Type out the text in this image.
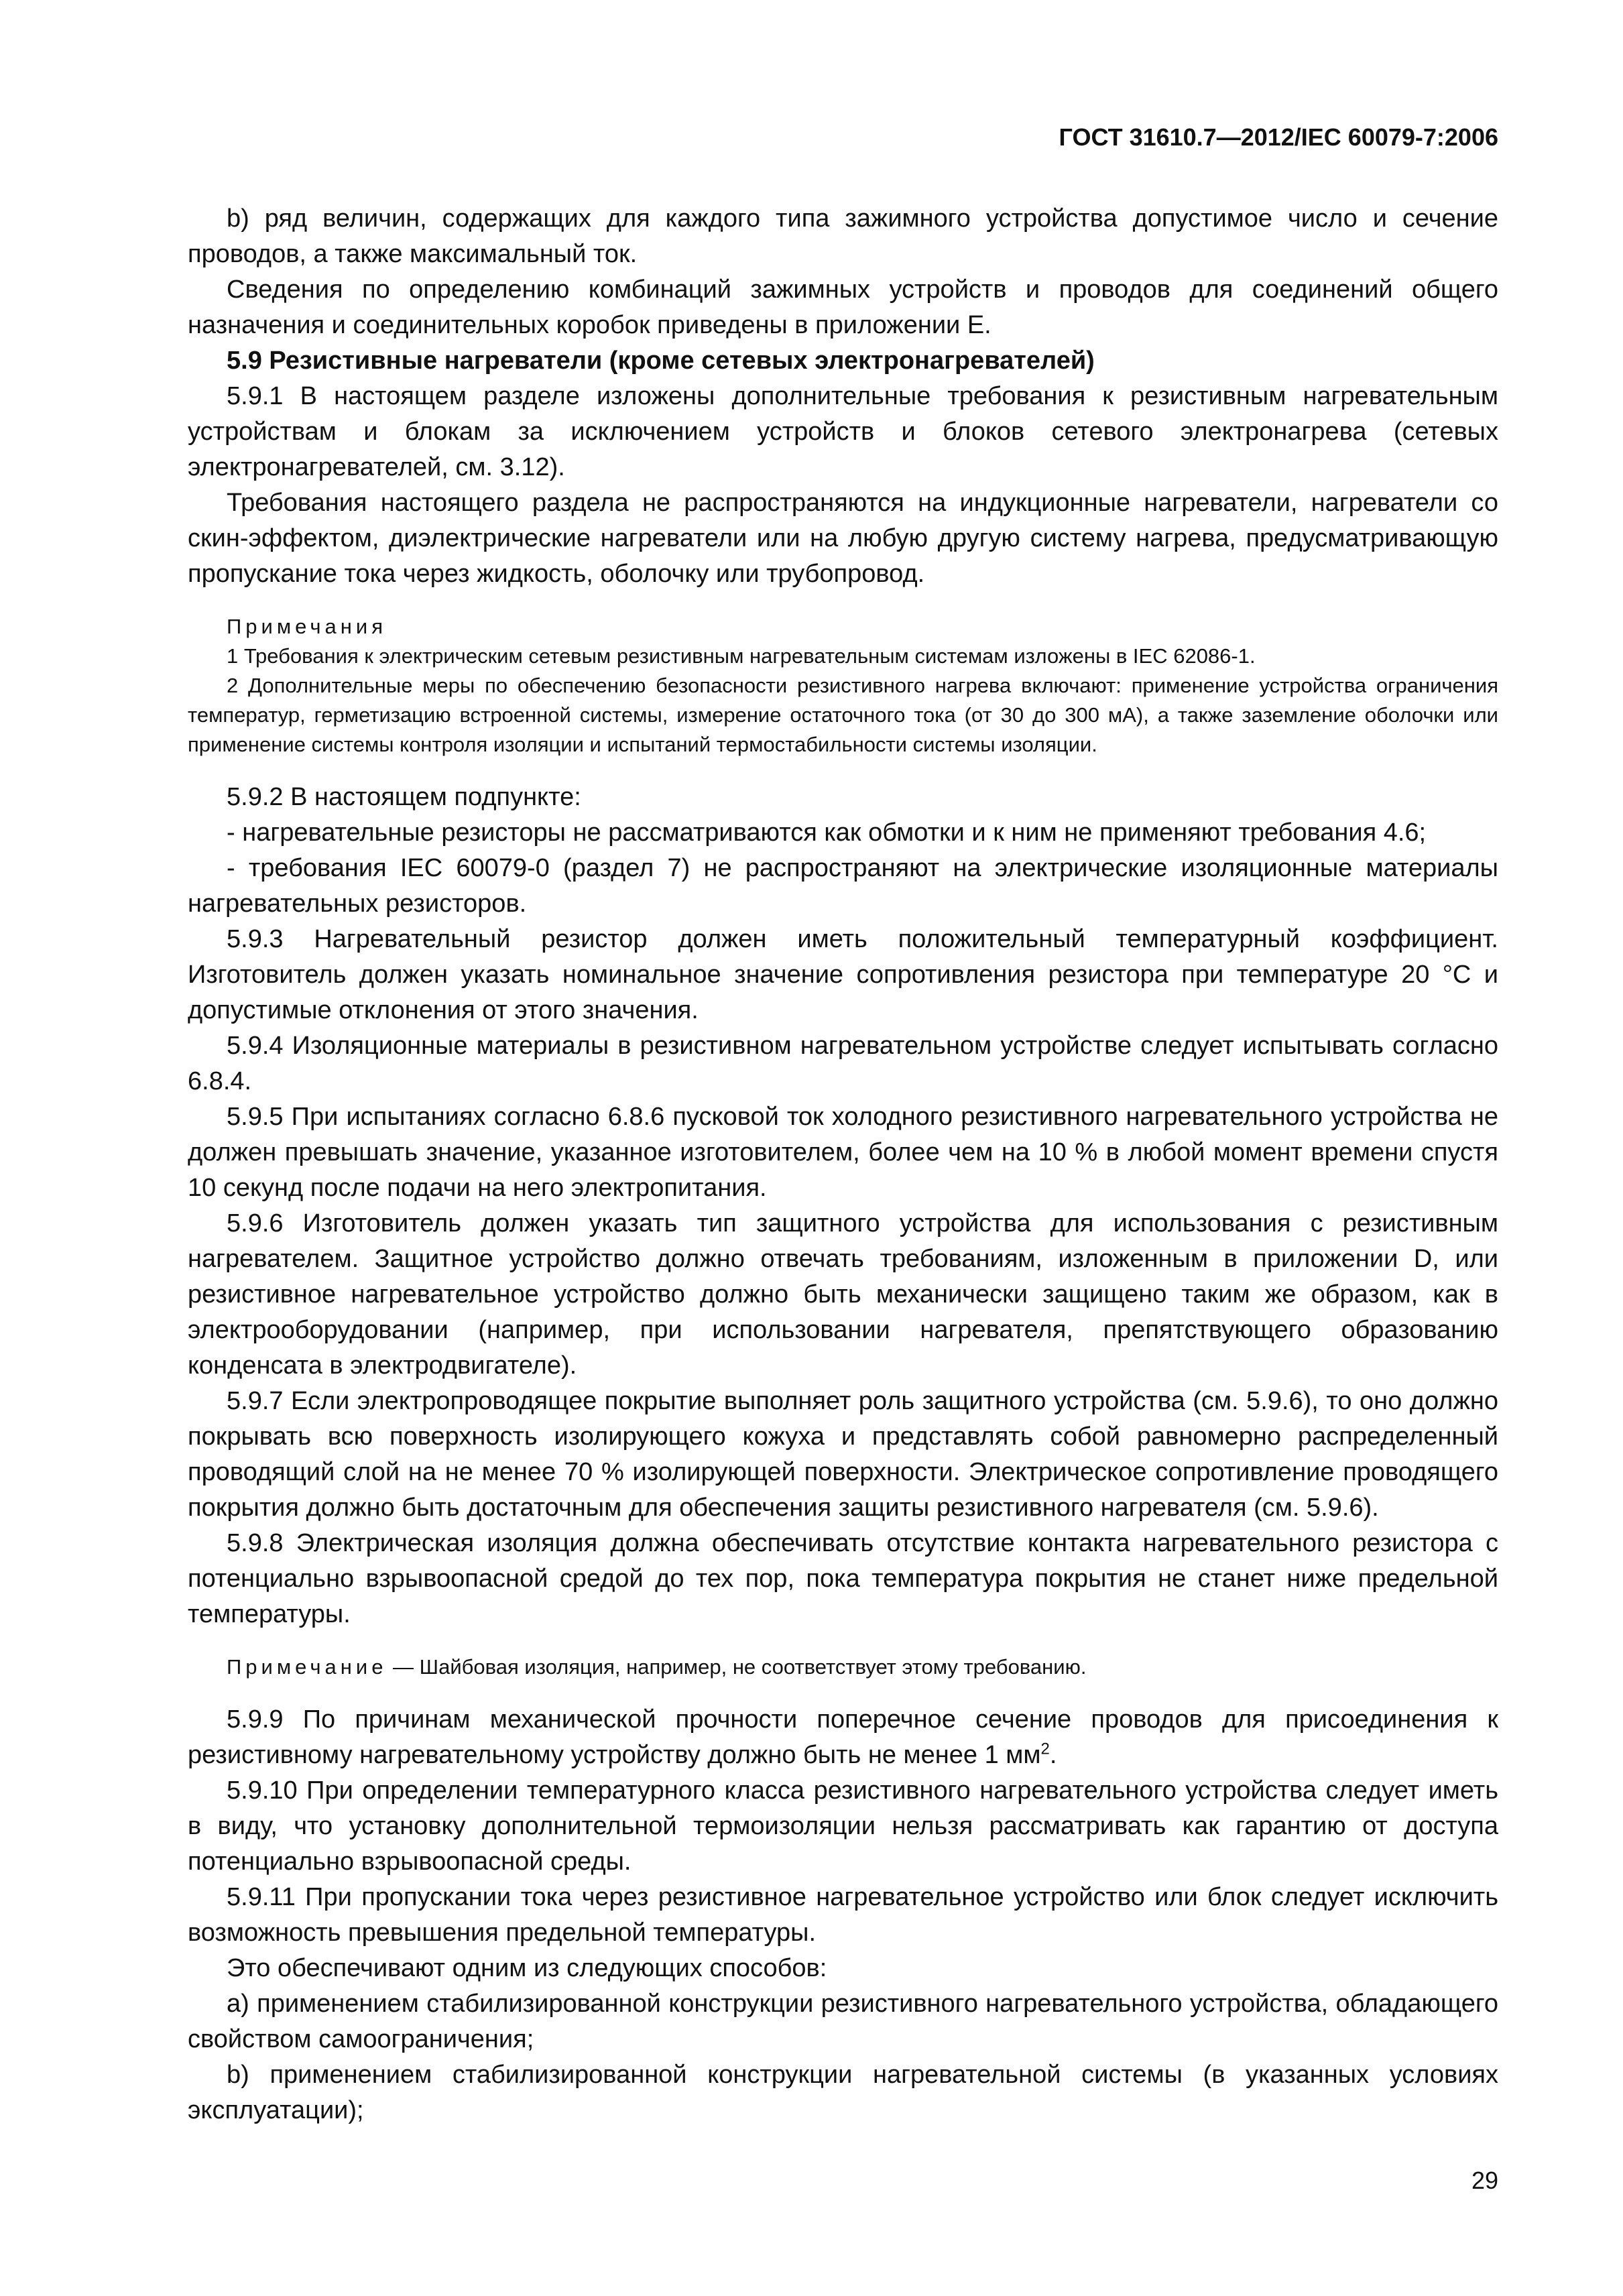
ГОСТ 31610.7—2012/IEC 60079-7:2006

b) ряд величин, содержащих для каждого типа зажимного устройства допустимое число и сечение проводов, а также максимальный ток.

Сведения по определению комбинаций зажимных устройств и проводов для соединений общего назначения и соединительных коробок приведены в приложении E.

5.9 Резистивные нагреватели (кроме сетевых электронагревателей)

5.9.1 В настоящем разделе изложены дополнительные требования к резистивным нагревательным устройствам и блокам за исключением устройств и блоков сетевого электронагрева (сетевых электронагревателей, см. 3.12).

Требования настоящего раздела не распространяются на индукционные нагреватели, нагреватели со скин-эффектом, диэлектрические нагреватели или на любую другую систему нагрева, предусматривающую пропускание тока через жидкость, оболочку или трубопровод.

Примечания

1 Требования к электрическим сетевым резистивным нагревательным системам изложены в IEC 62086-1.

2 Дополнительные меры по обеспечению безопасности резистивного нагрева включают: применение устройства ограничения температур, герметизацию встроенной системы, измерение остаточного тока (от 30 до 300 мА), а также заземление оболочки или применение системы контроля изоляции и испытаний термостабильности системы изоляции.

5.9.2 В настоящем подпункте:

- нагревательные резисторы не рассматриваются как обмотки и к ним не применяют требования 4.6;

- требования IEC 60079-0 (раздел 7) не распространяют на электрические изоляционные материалы нагревательных резисторов.

5.9.3 Нагревательный резистор должен иметь положительный температурный коэффициент. Изготовитель должен указать номинальное значение сопротивления резистора при температуре 20 °С и допустимые отклонения от этого значения.

5.9.4 Изоляционные материалы в резистивном нагревательном устройстве следует испытывать согласно 6.8.4.

5.9.5 При испытаниях согласно 6.8.6 пусковой ток холодного резистивного нагревательного устройства не должен превышать значение, указанное изготовителем, более чем на 10 % в любой момент времени спустя 10 секунд после подачи на него электропитания.

5.9.6 Изготовитель должен указать тип защитного устройства для использования с резистивным нагревателем. Защитное устройство должно отвечать требованиям, изложенным в приложении D, или резистивное нагревательное устройство должно быть механически защищено таким же образом, как в электрооборудовании (например, при использовании нагревателя, препятствующего образованию конденсата в электродвигателе).

5.9.7 Если электропроводящее покрытие выполняет роль защитного устройства (см. 5.9.6), то оно должно покрывать всю поверхность изолирующего кожуха и представлять собой равномерно распределенный проводящий слой на не менее 70 % изолирующей поверхности. Электрическое сопротивление проводящего покрытия должно быть достаточным для обеспечения защиты резистивного нагревателя (см. 5.9.6).

5.9.8 Электрическая изоляция должна обеспечивать отсутствие контакта нагревательного резистора с потенциально взрывоопасной средой до тех пор, пока температура покрытия не станет ниже предельной температуры.

Примечание — Шайбовая изоляция, например, не соответствует этому требованию.

5.9.9 По причинам механической прочности поперечное сечение проводов для присоединения к резистивному нагревательному устройству должно быть не менее 1 $мм^2$.

5.9.10 При определении температурного класса резистивного нагревательного устройства следует иметь в виду, что установку дополнительной термоизоляции нельзя рассматривать как гарантию от доступа потенциально взрывоопасной среды.

5.9.11 При пропускании тока через резистивное нагревательное устройство или блок следует исключить возможность превышения предельной температуры.

Это обеспечивают одним из следующих способов:

a) применением стабилизированной конструкции резистивного нагревательного устройства, обладающего свойством самоограничения;

b) применением стабилизированной конструкции нагревательной системы (в указанных условиях эксплуатации);

29
